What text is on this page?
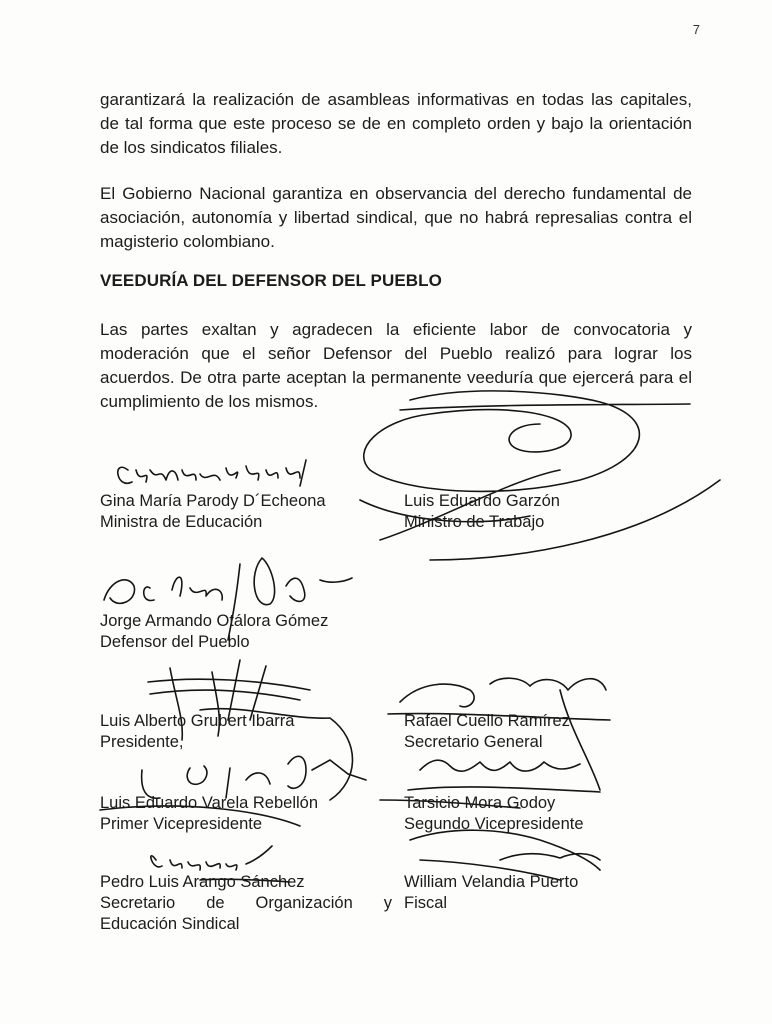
7

garantizará la realización de asambleas informativas en todas las capitales, de tal forma que este proceso se de en completo orden y bajo la orientación de los sindicatos filiales.

El Gobierno Nacional garantiza en observancia del derecho fundamental de asociación, autonomía y libertad sindical, que no habrá represalias contra el magisterio colombiano.

VEEDURÍA DEL DEFENSOR DEL PUEBLO

Las partes exaltan y agradecen la eficiente labor de convocatoria y moderación que el señor Defensor del Pueblo realizó para lograr los acuerdos. De otra parte aceptan la permanente veeduría que ejercerá para el cumplimiento de los mismos.

Gina María Parody D´Echeona
Ministra de Educación
Luis Eduardo Garzón
Ministro de Trabajo
Jorge Armando Otálora Gómez
Defensor del Pueblo
Luis Alberto Grubert Ibarra
Presidente,
Rafael Cuello Ramírez
Secretario General
Luis Eduardo Varela Rebellón
Primer Vicepresidente
Tarsicio Mora Godoy
Segundo Vicepresidente
Pedro Luis Arango Sánchez
Secretario de Organización y Educación Sindical
William Velandia Puerto
Fiscal
